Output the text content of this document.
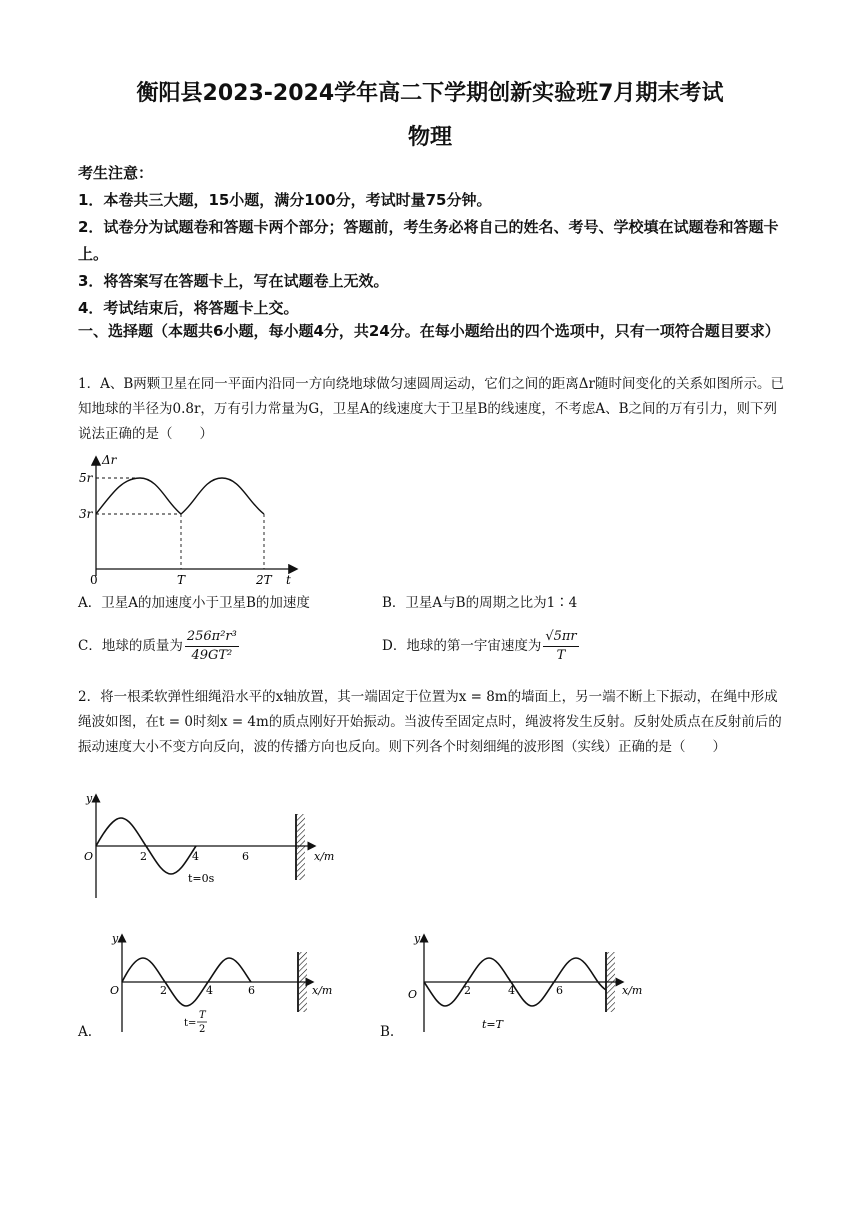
衡阳县2023-2024学年高二下学期创新实验班7月期末考试
物理

考生注意：

1．本卷共三大题，15小题，满分100分，考试时量75分钟。

2．试卷分为试题卷和答题卡两个部分；答题前，考生务必将自己的姓名、考号、学校填在试题卷和答题卡上。

3．将答案写在答题卡上，写在试题卷上无效。

4．考试结束后，将答题卡上交。

一、选择题（本题共6小题，每小题4分，共24分。在每小题给出的四个选项中，只有一项符合题目要求）

1．A、B两颗卫星在同一平面内沿同一方向绕地球做匀速圆周运动，它们之间的距离Δr随时间变化的关系如图所示。已知地球的半径为0.8r，万有引力常量为G，卫星A的线速度大于卫星B的线速度，不考虑A、B之间的万有引力，则下列说法正确的是（　　）

Δr
5r
3r
0	T	2T t
A．卫星A的加速度小于卫星B的加速度	B．卫星A与B的周期之比为1∶4
C．地球的质量为 $\frac{\text{256π²r³}}{\text{49GT²}}$	D．地球的第一宇宙速度为 $\frac{√5\pi r}{T}$

2．将一根柔软弹性细绳沿水平的x轴放置，其一端固定于位置为x = 8m的墙面上，另一端不断上下振动，在绳中形成绳波如图，在t = 0时刻x = 4m的质点刚好开始振动。当波传至固定点时，绳波将发生反射。反射处质点在反射前后的振动速度大小不变方向反向，波的传播方向也反向。则下列各个时刻细绳的波形图（实线）正确的是（　　）

y
O	2	4	6	x/m
t=0s
y
O	2	4	6	x/m
t=
T
2
A.
y
O	2	4	6	x/m
t=T
B.
